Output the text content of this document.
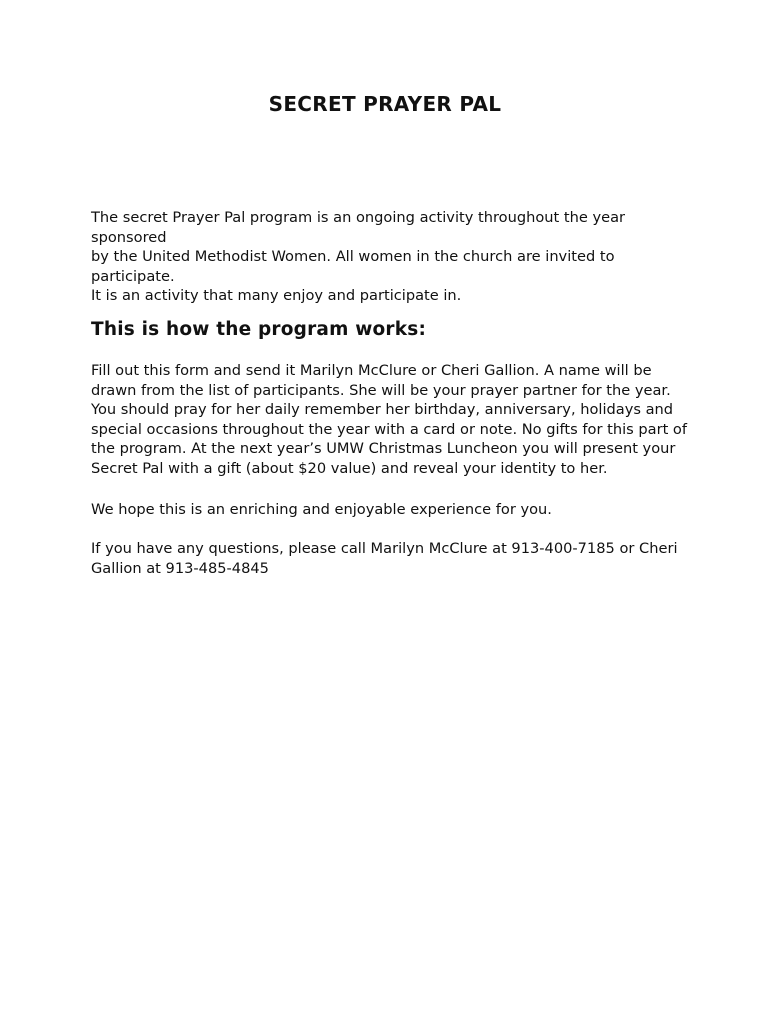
SECRET PRAYER PAL

The secret Prayer Pal program is an ongoing activity throughout the year sponsored
by the United Methodist Women. All women in the church are invited to participate.
It is an activity that many enjoy and participate in.

This is how the program works:

Fill out this form and send it Marilyn McClure or Cheri Gallion. A name will be
drawn from the list of participants. She will be your prayer partner for the year.
You should pray for her daily remember her birthday, anniversary, holidays and
special occasions throughout the year with a card or note. No gifts for this part of
the program. At the next year’s UMW Christmas Luncheon you will present your
Secret Pal with a gift (about $20 value) and reveal your identity to her.

We hope this is an enriching and enjoyable experience for you.

If you have any questions, please call Marilyn McClure at 913-400-7185 or Cheri
Gallion at 913-485-4845
